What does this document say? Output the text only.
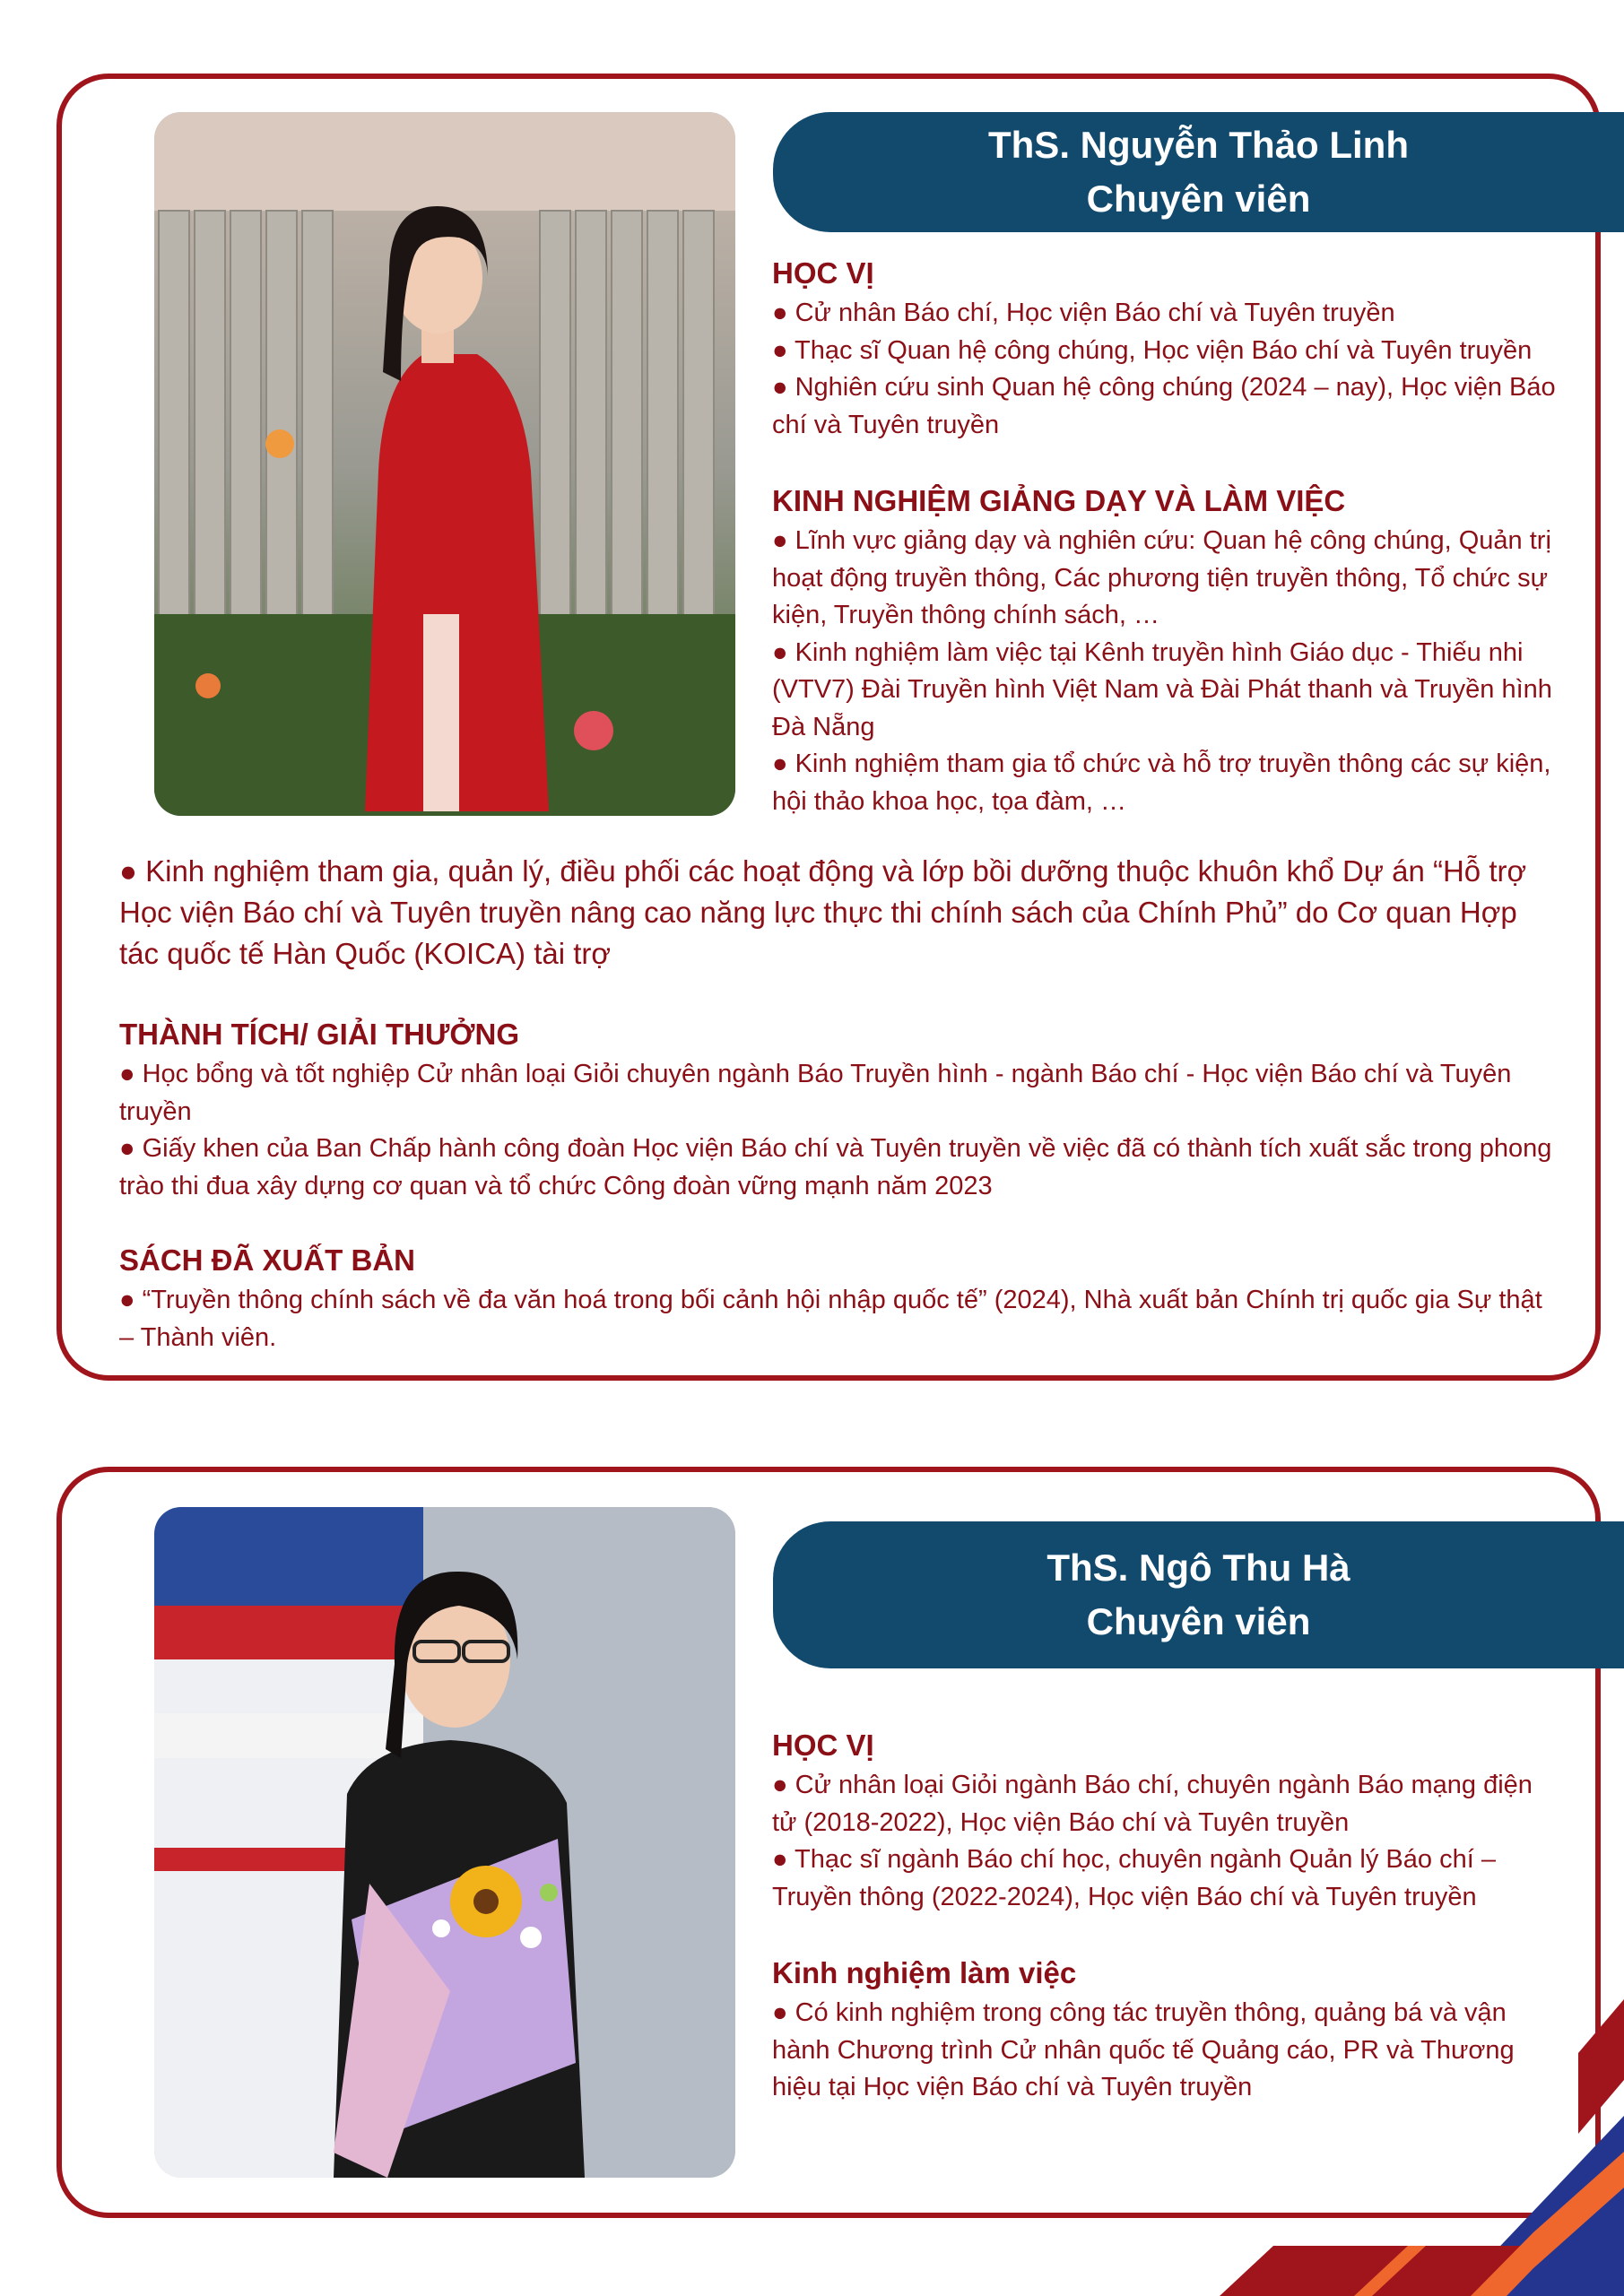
ThS. Nguyễn Thảo Linh
Chuyên viên

HỌC VỊ

● Cử nhân Báo chí, Học viện Báo chí và Tuyên truyền

● Thạc sĩ Quan hệ công chúng, Học viện Báo chí và Tuyên truyền

● Nghiên cứu sinh Quan hệ công chúng (2024 – nay), Học viện Báo chí và Tuyên truyền

KINH NGHIỆM GIẢNG DẠY VÀ LÀM VIỆC

● Lĩnh vực giảng dạy và nghiên cứu: Quan hệ công chúng, Quản trị hoạt động truyền thông, Các phương tiện truyền thông, Tổ chức sự kiện, Truyền thông chính sách, …

● Kinh nghiệm làm việc tại Kênh truyền hình Giáo dục - Thiếu nhi (VTV7) Đài Truyền hình Việt Nam và Đài Phát thanh và Truyền hình Đà Nẵng

● Kinh nghiệm tham gia tổ chức và hỗ trợ truyền thông các sự kiện, hội thảo khoa học, tọa đàm, …

● Kinh nghiệm tham gia, quản lý, điều phối các hoạt động và lớp bồi dưỡng thuộc khuôn khổ Dự án “Hỗ trợ Học viện Báo chí và Tuyên truyền nâng cao năng lực thực thi chính sách của Chính Phủ” do Cơ quan Hợp tác quốc tế Hàn Quốc (KOICA) tài trợ

THÀNH TÍCH/ GIẢI THƯỞNG

● Học bổng và tốt nghiệp Cử nhân loại Giỏi chuyên ngành Báo Truyền hình - ngành Báo chí - Học viện Báo chí và Tuyên truyền

● Giấy khen của Ban Chấp hành công đoàn Học viện Báo chí và Tuyên truyền về việc đã có thành tích xuất sắc trong phong trào thi đua xây dựng cơ quan và tổ chức Công đoàn vững mạnh năm 2023

SÁCH ĐÃ XUẤT BẢN

● “Truyền thông chính sách về đa văn hoá trong bối cảnh hội nhập quốc tế” (2024), Nhà xuất bản Chính trị quốc gia Sự thật – Thành viên.

ThS. Ngô Thu Hà
Chuyên viên

HỌC VỊ

● Cử nhân loại Giỏi ngành Báo chí, chuyên ngành Báo mạng điện tử (2018-2022), Học viện Báo chí và Tuyên truyền

● Thạc sĩ ngành Báo chí học, chuyên ngành Quản lý Báo chí – Truyền thông (2022-2024), Học viện Báo chí và Tuyên truyền

Kinh nghiệm làm việc

● Có kinh nghiệm trong công tác truyền thông, quảng bá và vận hành Chương trình Cử nhân quốc tế Quảng cáo, PR và Thương hiệu tại Học viện Báo chí và Tuyên truyền
